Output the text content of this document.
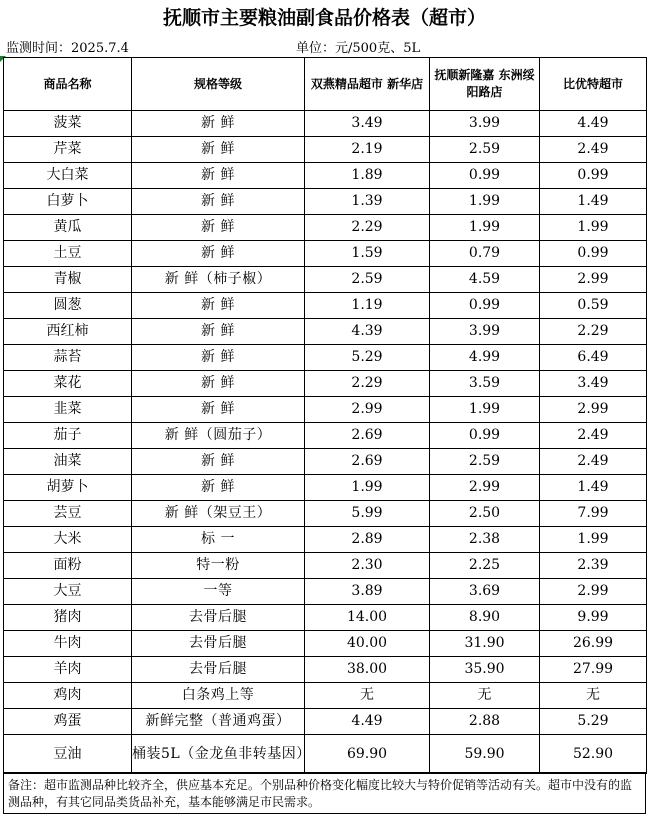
抚顺市主要粮油副食品价格表（超市）
监测时间：2025.7.4	单位：元/500克、5L
商品名称	规格等级	双燕精品超市 新华店	抚顺新隆嘉 东洲绥阳路店	比优特超市
菠菜	新 鲜	3.49	3.99	4.49
芹菜	新 鲜	2.19	2.59	2.49
大白菜	新 鲜	1.89	0.99	0.99
白萝卜	新 鲜	1.39	1.99	1.49
黄瓜	新 鲜	2.29	1.99	1.99
土豆	新 鲜	1.59	0.79	0.99
青椒	新 鲜（柿子椒）	2.59	4.59	2.99
圆葱	新 鲜	1.19	0.99	0.59
西红柿	新 鲜	4.39	3.99	2.29
蒜苔	新 鲜	5.29	4.99	6.49
菜花	新 鲜	2.29	3.59	3.49
韭菜	新 鲜	2.99	1.99	2.99
茄子	新 鲜（圆茄子）	2.69	0.99	2.49
油菜	新 鲜	2.69	2.59	2.49
胡萝卜	新 鲜	1.99	2.99	1.49
芸豆	新 鲜（架豆王）	5.99	2.50	7.99
大米	标 一	2.89	2.38	1.99
面粉	特一粉	2.30	2.25	2.39
大豆	一等	3.89	3.69	2.99
猪肉	去骨后腿	14.00	8.90	9.99
牛肉	去骨后腿	40.00	31.90	26.99
羊肉	去骨后腿	38.00	35.90	27.99
鸡肉	白条鸡上等	无	无	无
鸡蛋	新鲜完整（普通鸡蛋）	4.49	2.88	5.29
豆油	桶装5L（金龙鱼非转基因）	69.90	59.90	52.90
备注：超市监测品种比较齐全，供应基本充足。个别品种价格变化幅度比较大与特价促销等活动有关。超市中没有的监测品种，有其它同品类货品补充，基本能够满足市民需求。
